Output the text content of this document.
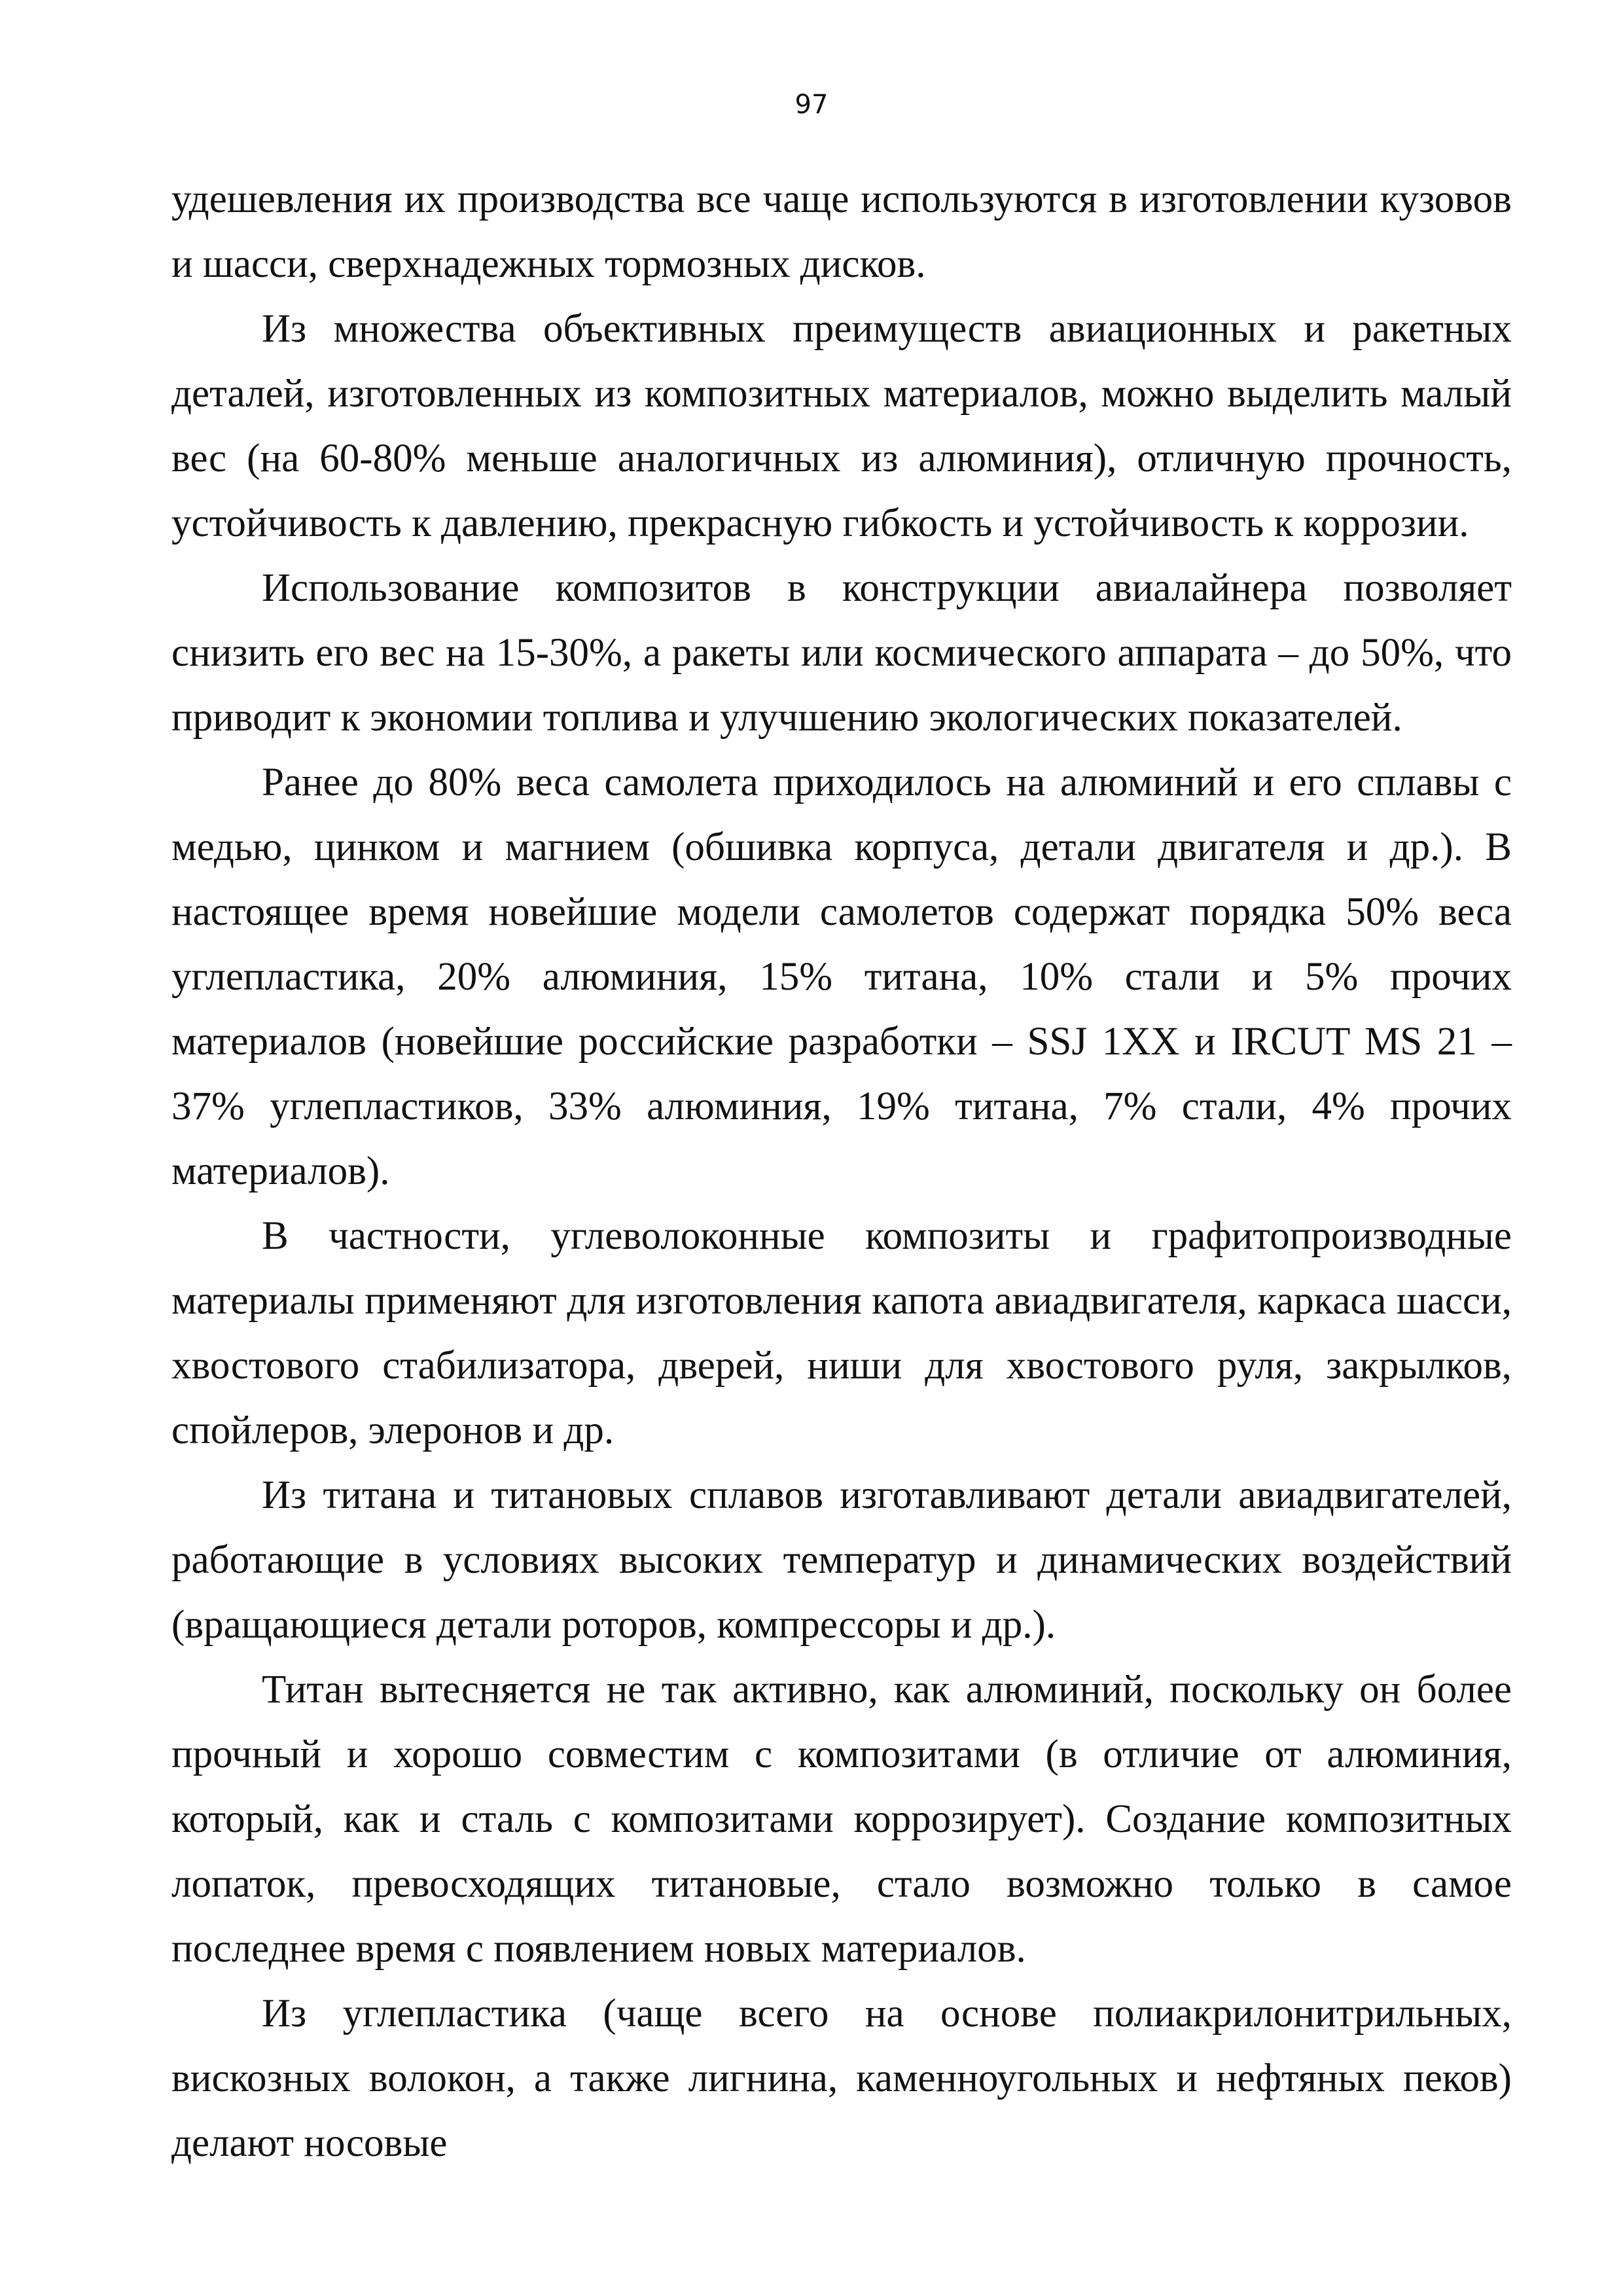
97

удешевления их производства все чаще используются в изготовлении кузовов и шасси, сверхнадежных тормозных дисков.

Из множества объективных преимуществ авиационных и ракетных деталей, изготовленных из композитных материалов, можно выделить малый вес (на 60-80% меньше аналогичных из алюминия), отличную прочность, устойчивость к давлению, прекрасную гибкость и устойчивость к коррозии.

Использование композитов в конструкции авиалайнера позволяет снизить его вес на 15-30%, а ракеты или космического аппарата – до 50%, что приводит к экономии топлива и улучшению экологических показателей.

Ранее до 80% веса самолета приходилось на алюминий и его сплавы с медью, цинком и магнием (обшивка корпуса, детали двигателя и др.). В настоящее время новейшие модели самолетов содержат порядка 50% веса углепластика, 20% алюминия, 15% титана, 10% стали и 5% прочих материалов (новейшие российские разработки – SSJ 1XX и IRCUT MS 21 – 37% углепластиков, 33% алюминия, 19% титана, 7% стали, 4% прочих материалов).

В частности, углеволоконные композиты и графитопроизводные материалы применяют для изготовления капота авиадвигателя, каркаса шасси, хвостового стабилизатора, дверей, ниши для хвостового руля, закрылков, спойлеров, элеронов и др.

Из титана и титановых сплавов изготавливают детали авиадвигателей, работающие в условиях высоких температур и динамических воздействий (вращающиеся детали роторов, компрессоры и др.).

Титан вытесняется не так активно, как алюминий, поскольку он более прочный и хорошо совместим с композитами (в отличие от алюминия, который, как и сталь с композитами коррозирует). Создание композитных лопаток, превосходящих титановые, стало возможно только в самое последнее время с появлением новых материалов.

Из углепластика (чаще всего на основе полиакрилонитрильных, вискозных волокон, а также лигнина, каменноугольных и нефтяных пеков) делают носовые
